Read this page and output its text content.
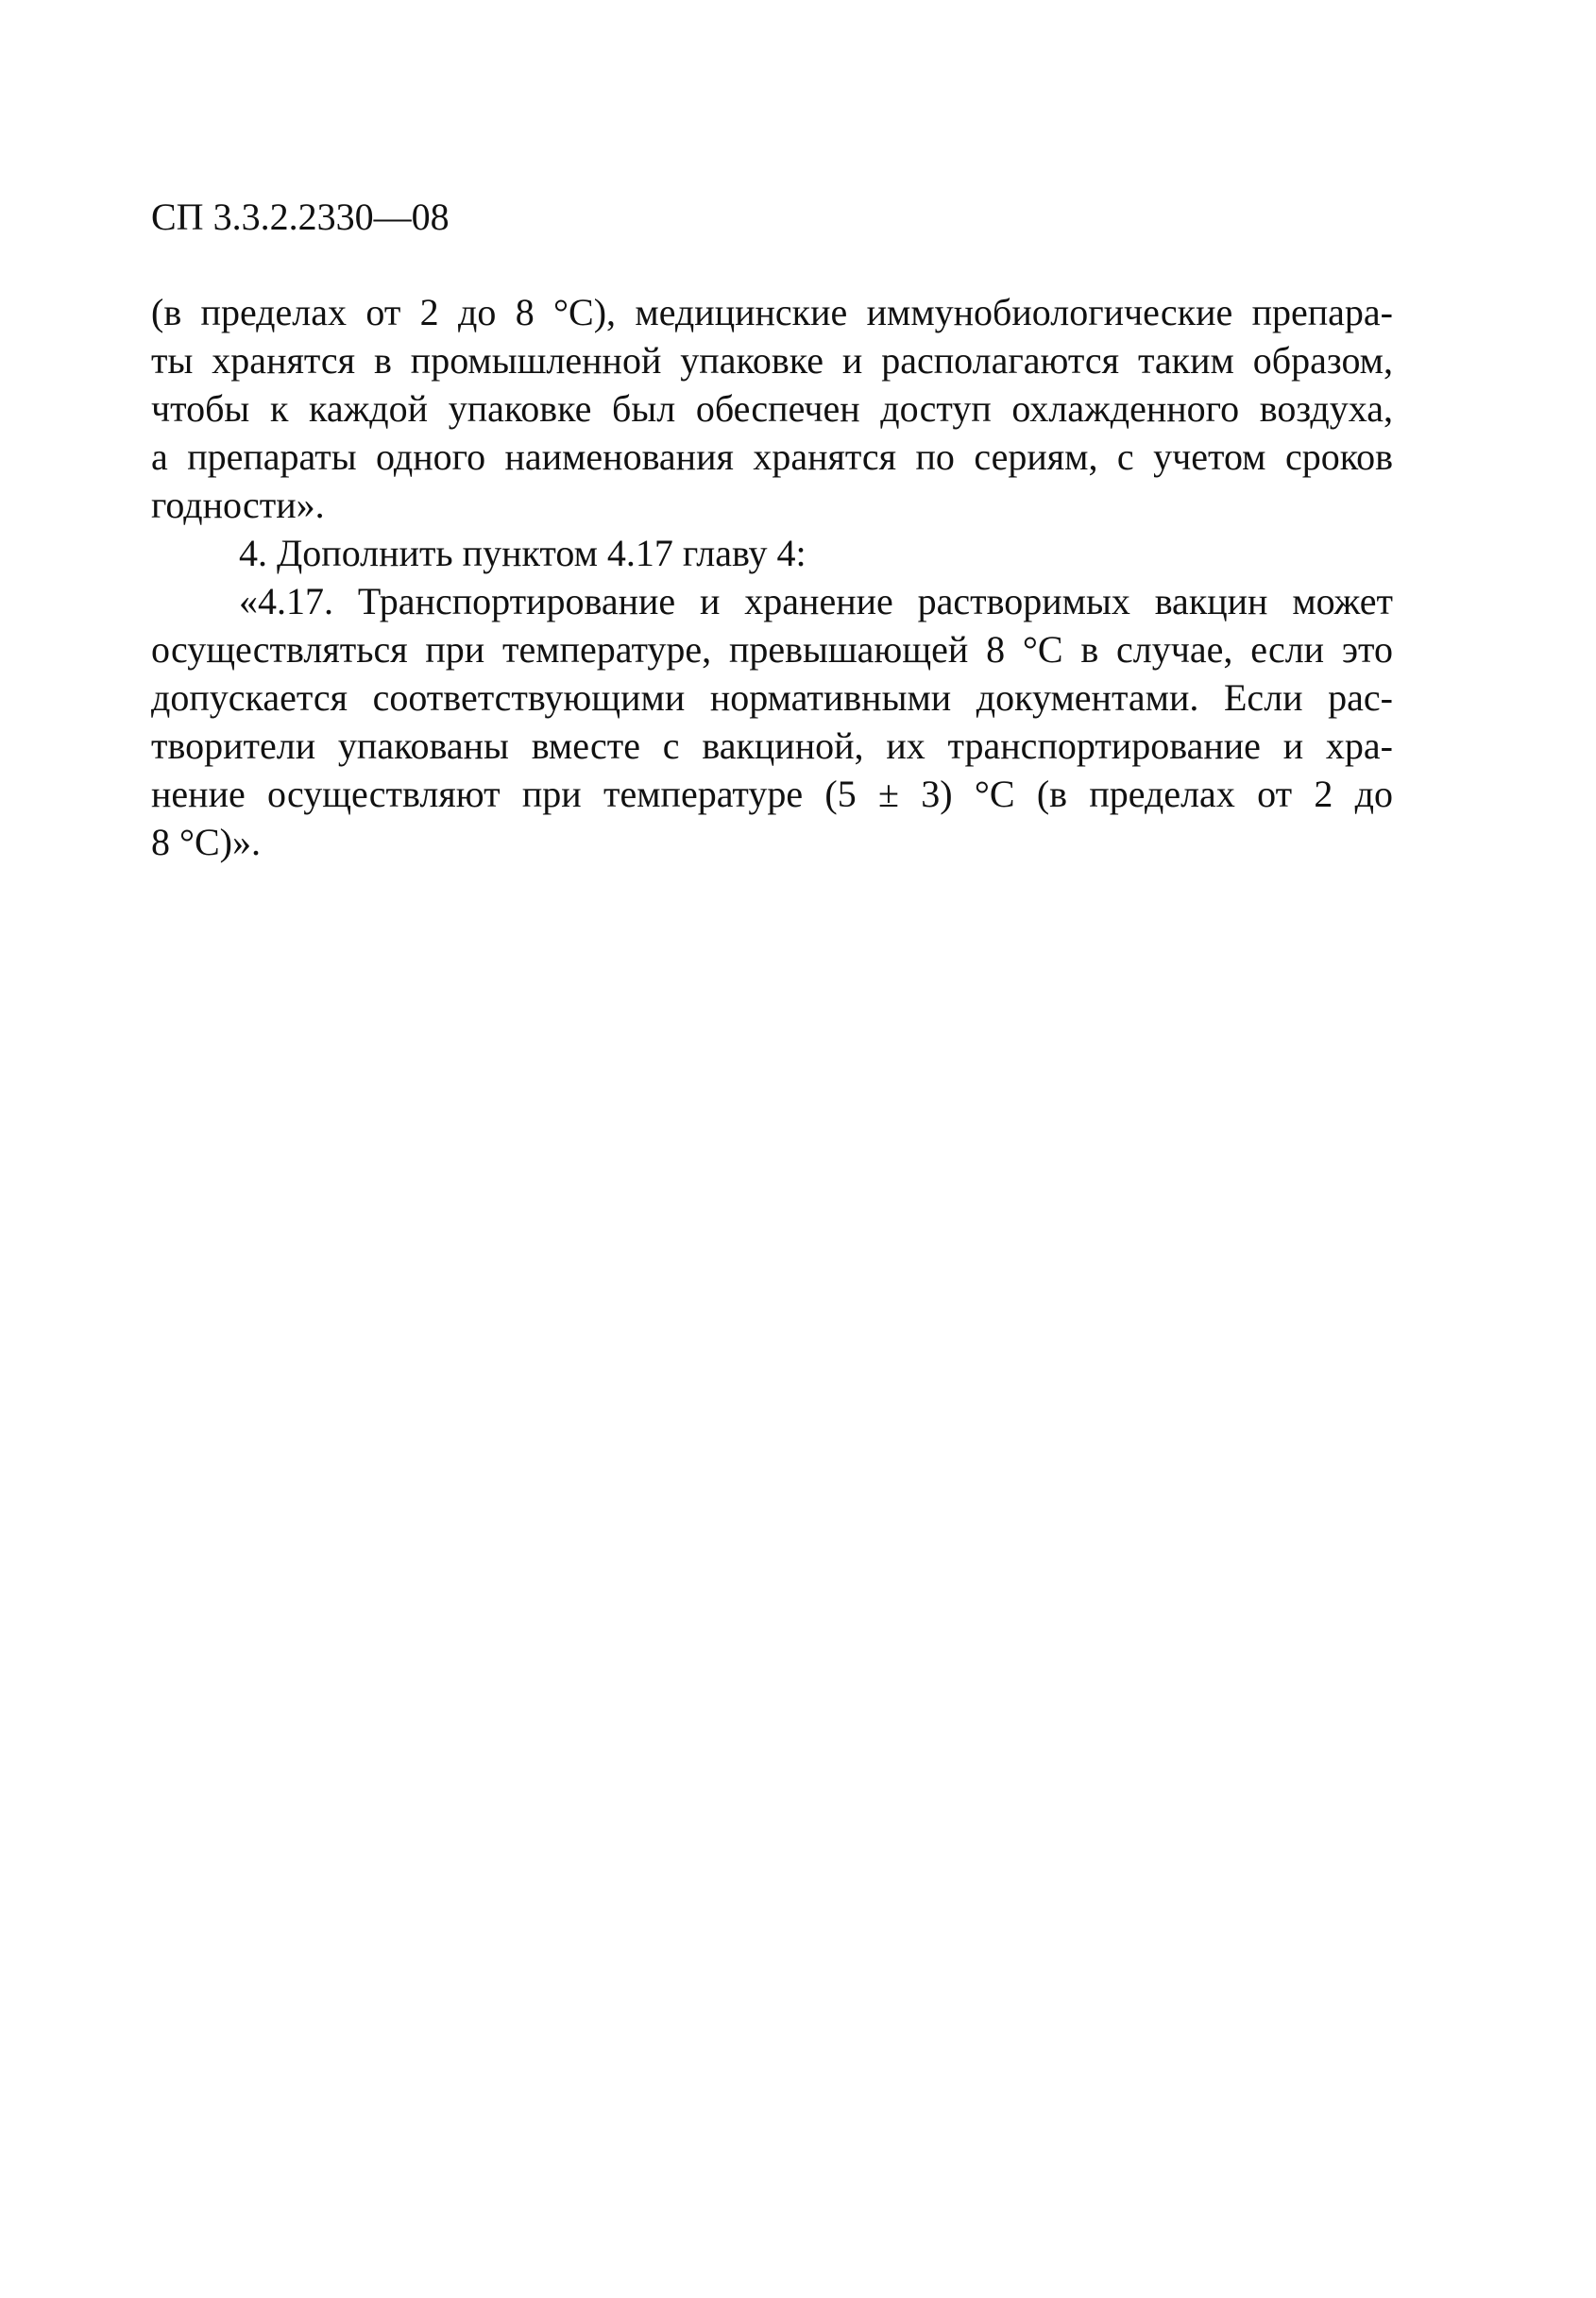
СП 3.3.2.2330—08
(в пределах от 2 до 8 °С), медицинские иммунобиологические препара-
ты хранятся в промышленной упаковке и располагаются таким образом,
чтобы к каждой упаковке был обеспечен доступ охлажденного воздуха,
а препараты одного наименования хранятся по сериям, с учетом сроков
годности».
4. Дополнить пунктом 4.17 главу 4:
«4.17. Транспортирование и хранение растворимых вакцин может
осуществляться при температуре, превышающей 8 °С в случае, если это
допускается соответствующими нормативными документами. Если рас-
творители упакованы вместе с вакциной, их транспортирование и хра-
нение осуществляют при температуре (5 ± 3) °С (в пределах от 2 до
8 °С)».
